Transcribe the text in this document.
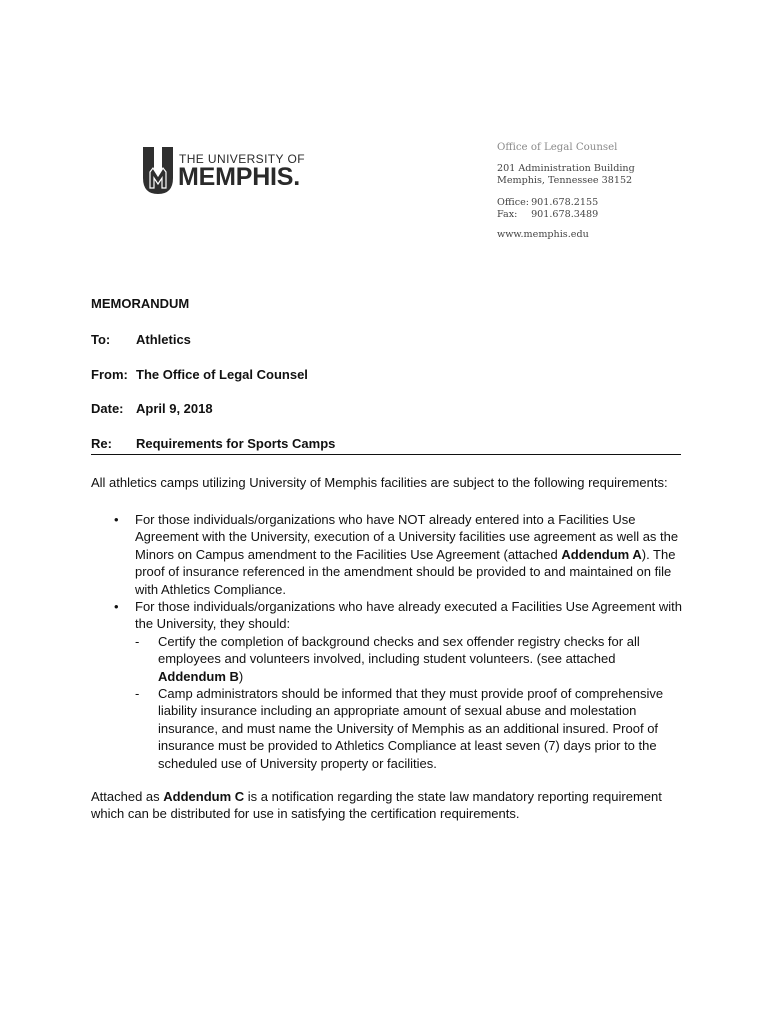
THE UNIVERSITY OF
MEMPHIS.
Office of Legal Counsel
201 Administration Building
Memphis, Tennessee 38152
Office: 901.678.2155
Fax: 901.678.3489
www.memphis.edu
MEMORANDUM
To: Athletics
From: The Office of Legal Counsel
Date: April 9, 2018
Re: Requirements for Sports Camps
All athletics camps utilizing University of Memphis facilities are subject to the following requirements:
• For those individuals/organizations who have NOT already entered into a Facilities Use Agreement with the University, execution of a University facilities use agreement as well as the Minors on Campus amendment to the Facilities Use Agreement (attached Addendum A). The proof of insurance referenced in the amendment should be provided to and maintained on file with Athletics Compliance.
• For those individuals/organizations who have already executed a Facilities Use Agreement with the University, they should:
- Certify the completion of background checks and sex offender registry checks for all employees and volunteers involved, including student volunteers. (see attached Addendum B)
- Camp administrators should be informed that they must provide proof of comprehensive liability insurance including an appropriate amount of sexual abuse and molestation insurance, and must name the University of Memphis as an additional insured. Proof of insurance must be provided to Athletics Compliance at least seven (7) days prior to the scheduled use of University property or facilities.
Attached as Addendum C is a notification regarding the state law mandatory reporting requirement which can be distributed for use in satisfying the certification requirements.
